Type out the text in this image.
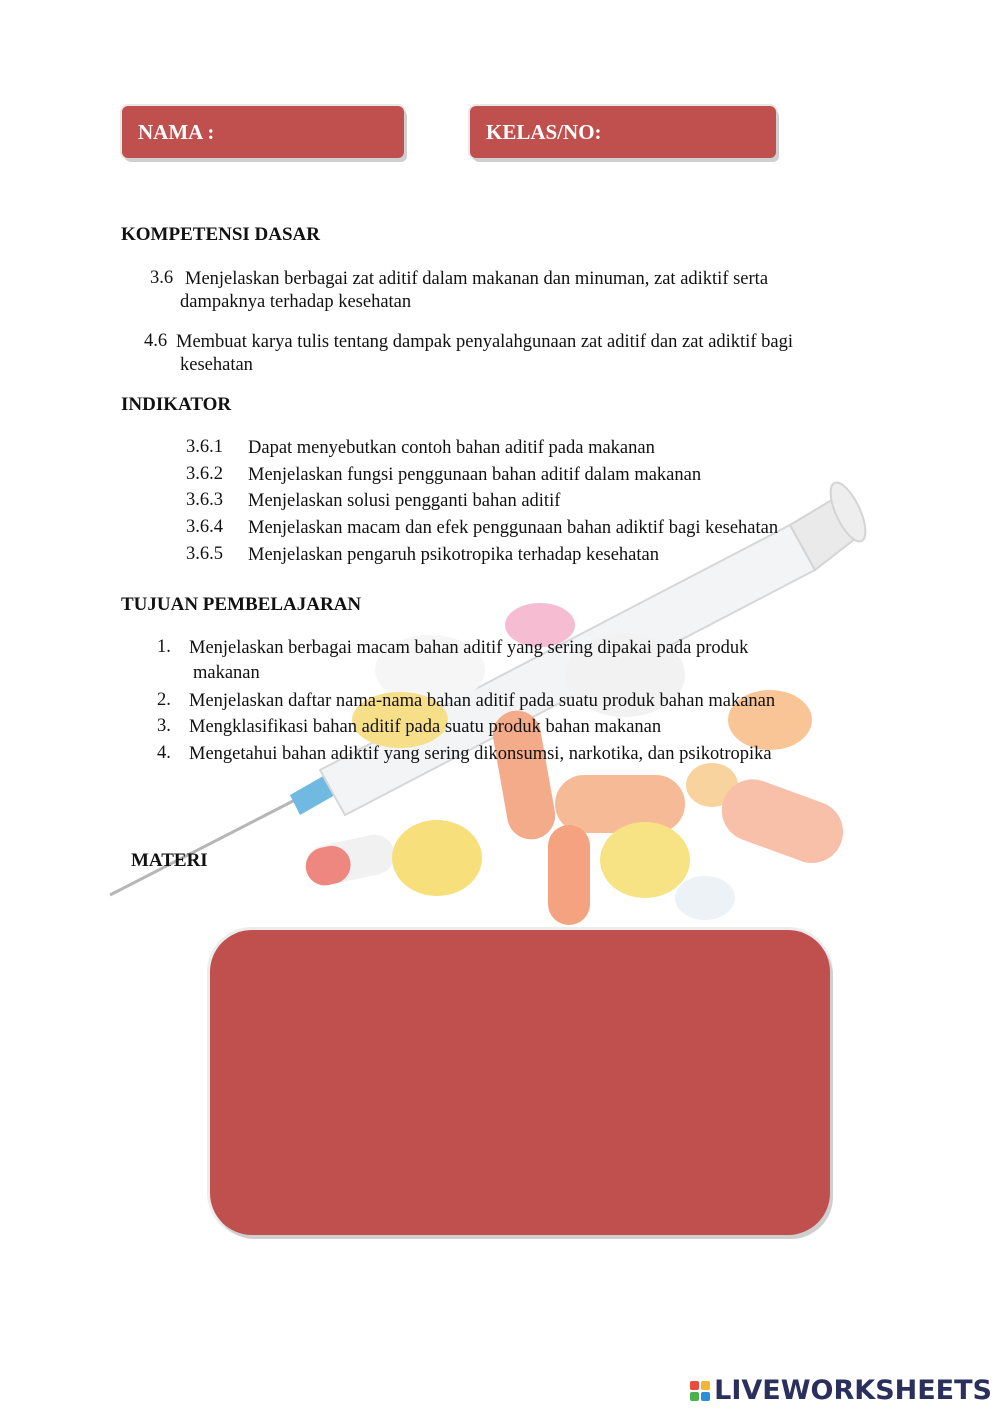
NAMA :	KELAS/NO:
KOMPETENSI DASAR
3.6 Menjelaskan berbagai zat aditif dalam makanan dan minuman, zat adiktif serta
dampaknya terhadap kesehatan
4.6 Membuat karya tulis tentang dampak penyalahgunaan zat aditif dan zat adiktif bagi
kesehatan
INDIKATOR
3.6.1 Dapat menyebutkan contoh bahan aditif pada makanan
3.6.2 Menjelaskan fungsi penggunaan bahan aditif dalam makanan
3.6.3 Menjelaskan solusi pengganti bahan aditif
3.6.4 Menjelaskan macam dan efek penggunaan bahan adiktif bagi kesehatan
3.6.5 Menjelaskan pengaruh psikotropika terhadap kesehatan
TUJUAN PEMBELAJARAN
1. Menjelaskan berbagai macam bahan aditif yang sering dipakai pada produk
makanan
2. Menjelaskan daftar nama-nama bahan aditif pada suatu produk bahan makanan
3. Mengklasifikasi bahan aditif pada suatu produk bahan makanan
4. Mengetahui bahan adiktif yang sering dikonsumsi, narkotika, dan psikotropika
MATERI
LIVEWORKSHEETS
